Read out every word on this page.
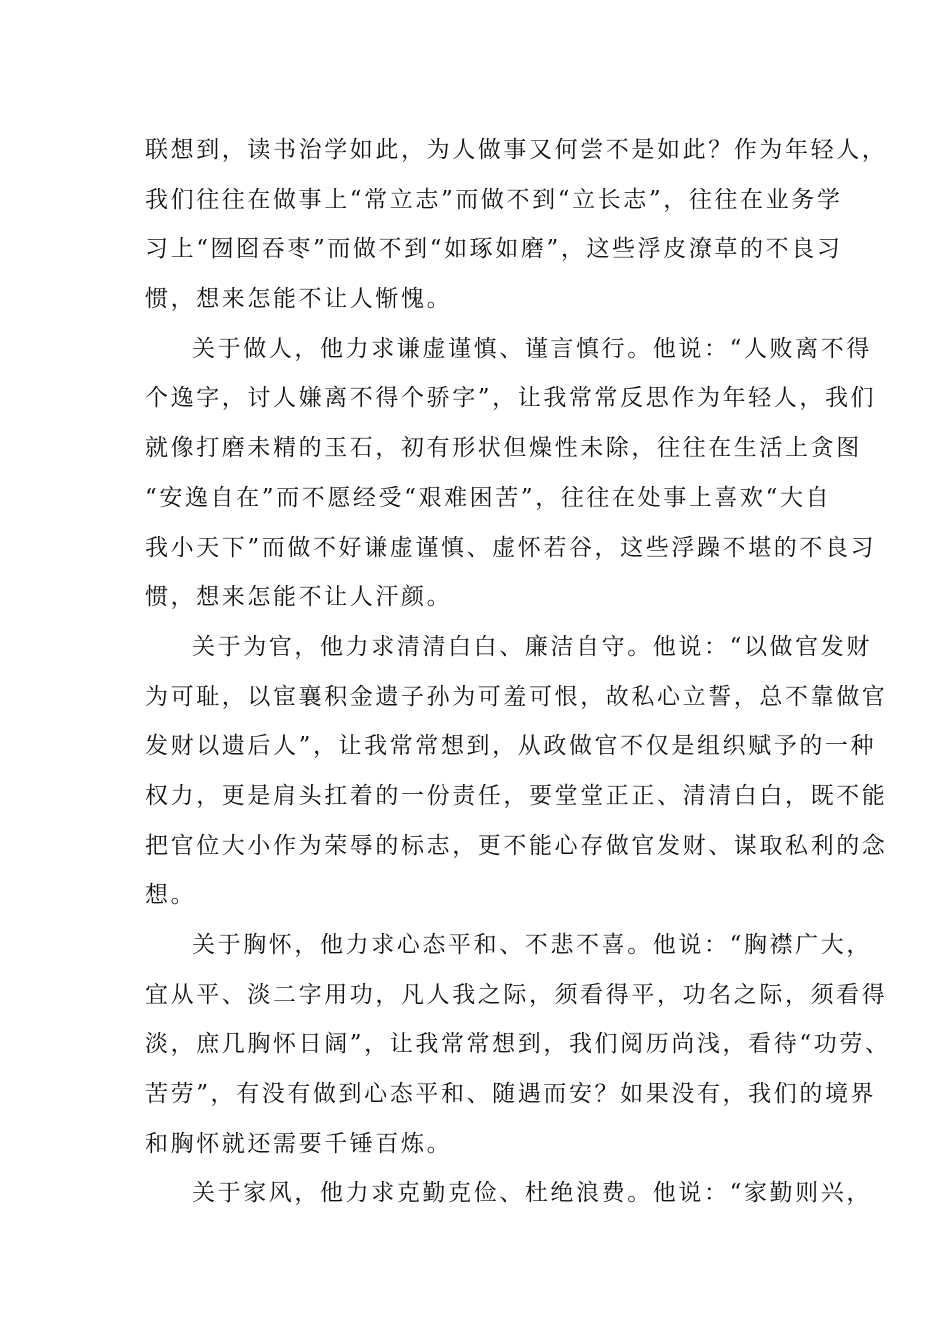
联想到，读书治学如此，为人做事又何尝不是如此？作为年轻人，
我们往往在做事上“常立志”而做不到“立长志”，往往在业务学
习上“囫囵吞枣”而做不到“如琢如磨”，这些浮皮潦草的不良习
惯，想来怎能不让人惭愧。
关于做人，他力求谦虚谨慎、谨言慎行。他说：“人败离不得
个逸字，讨人嫌离不得个骄字”，让我常常反思作为年轻人，我们
就像打磨未精的玉石，初有形状但燥性未除，往往在生活上贪图
“安逸自在”而不愿经受“艰难困苦”，往往在处事上喜欢“大自
我小天下”而做不好谦虚谨慎、虚怀若谷，这些浮躁不堪的不良习
惯，想来怎能不让人汗颜。
关于为官，他力求清清白白、廉洁自守。他说：“以做官发财
为可耻，以宦襄积金遗子孙为可羞可恨，故私心立誓，总不靠做官
发财以遗后人”，让我常常想到，从政做官不仅是组织赋予的一种
权力，更是肩头扛着的一份责任，要堂堂正正、清清白白，既不能
把官位大小作为荣辱的标志，更不能心存做官发财、谋取私利的念
想。
关于胸怀，他力求心态平和、不悲不喜。他说：“胸襟广大，
宜从平、淡二字用功，凡人我之际，须看得平，功名之际，须看得
淡，庶几胸怀日阔”，让我常常想到，我们阅历尚浅，看待“功劳、
苦劳”，有没有做到心态平和、随遇而安？如果没有，我们的境界
和胸怀就还需要千锤百炼。
关于家风，他力求克勤克俭、杜绝浪费。他说：“家勤则兴，
